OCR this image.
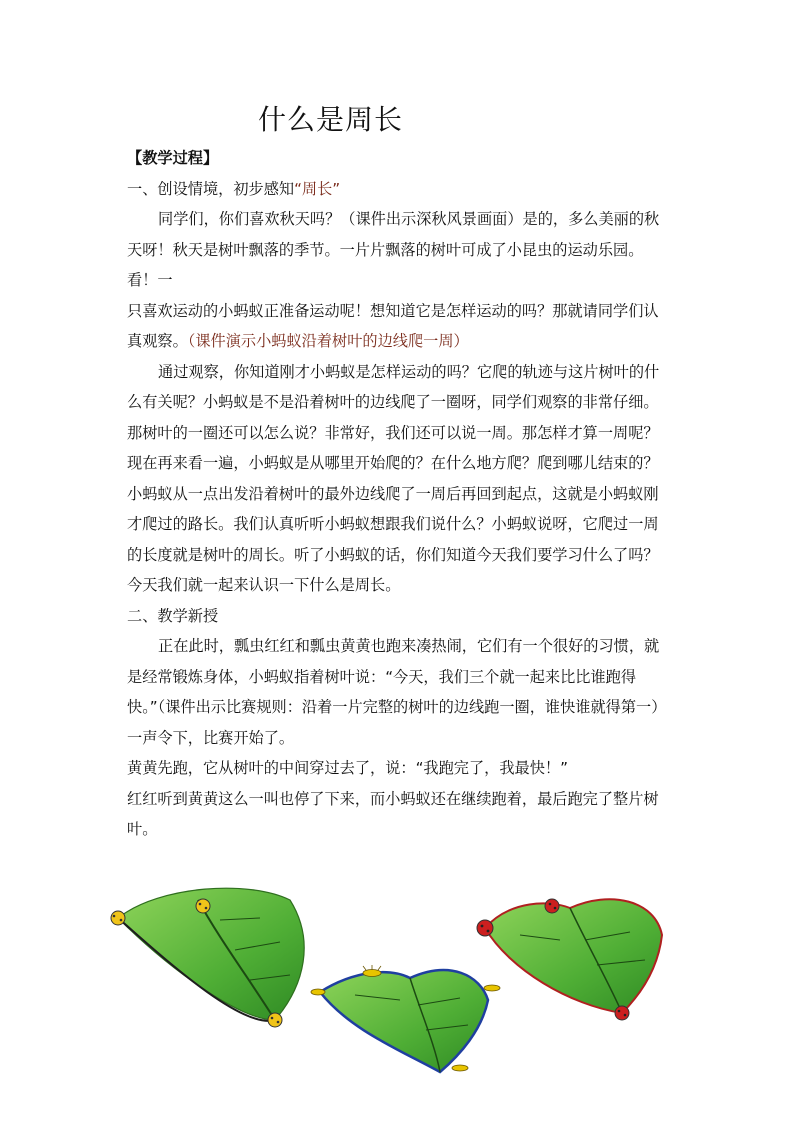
什么是周长

【教学过程】

一、创设情境，初步感知“周长”

同学们，你们喜欢秋天吗？（课件出示深秋风景画面）是的，多么美丽的秋天呀！秋天是树叶飘落的季节。一片片飘落的树叶可成了小昆虫的运动乐园。看！一

只喜欢运动的小蚂蚁正准备运动呢！想知道它是怎样运动的吗？那就请同学们认真观察。（课件演示小蚂蚁沿着树叶的边线爬一周）

通过观察，你知道刚才小蚂蚁是怎样运动的吗？它爬的轨迹与这片树叶的什么有关呢？小蚂蚁是不是沿着树叶的边线爬了一圈呀，同学们观察的非常仔细。那树叶的一圈还可以怎么说？非常好，我们还可以说一周。那怎样才算一周呢？现在再来看一遍，小蚂蚁是从哪里开始爬的？在什么地方爬？爬到哪儿结束的？小蚂蚁从一点出发沿着树叶的最外边线爬了一周后再回到起点，这就是小蚂蚁刚才爬过的路长。我们认真听听小蚂蚁想跟我们说什么？小蚂蚁说呀，它爬过一周的长度就是树叶的周长。听了小蚂蚁的话，你们知道今天我们要学习什么了吗？今天我们就一起来认识一下什么是周长。

二、教学新授

正在此时，瓢虫红红和瓢虫黄黄也跑来凑热闹，它们有一个很好的习惯，就是经常锻炼身体，小蚂蚁指着树叶说：“今天，我们三个就一起来比比谁跑得快。”（课件出示比赛规则：沿着一片完整的树叶的边线跑一圈，谁快谁就得第一）一声令下，比赛开始了。

黄黄先跑，它从树叶的中间穿过去了，说：“我跑完了，我最快！”

红红听到黄黄这么一叫也停了下来，而小蚂蚁还在继续跑着，最后跑完了整片树叶。
